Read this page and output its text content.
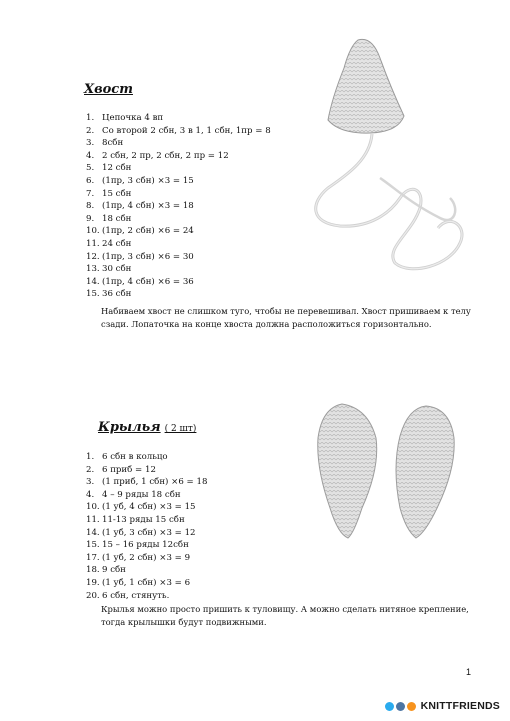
Хвост
1. Цепочка 4 вп
2. Со второй 2 сбн, 3 в 1, 1 сбн, 1пр = 8
3. 8сбн
4. 2 сбн, 2 пр, 2 сбн, 2 пр = 12
5. 12 сбн
6. (1пр, 3 сбн) ×3 = 15
7. 15 сбн
8. (1пр, 4 сбн) ×3 = 18
9. 18 сбн
10. (1пр, 2 сбн) ×6 = 24
11. 24 сбн
12. (1пр, 3 сбн) ×6 = 30
13. 30 сбн
14. (1пр, 4 сбн) ×6 = 36
15. 36 сбн

Набиваем хвост не слишком туго, чтобы не перевешивал. Хвост пришиваем к телу
сзади. Лопаточка на конце хвоста должна расположиться горизонтально.

Крылья ( 2 шт)
1. 6 сбн в кольцо
2. 6 приб = 12
3. (1 приб, 1 сбн) ×6 = 18
4. 4 – 9 ряды 18 сбн
10. (1 уб, 4 сбн) ×3 = 15
11. 11-13 ряды 15 сбн
14. (1 уб, 3 сбн) ×3 = 12
15. 15 – 16 ряды 12сбн
17. (1 уб, 2 сбн) ×3 = 9
18. 9 сбн
19. (1 уб, 1 сбн) ×3 = 6
20. 6 сбн, стянуть.

Крылья можно просто пришить к туловищу. А можно сделать нитяное крепление,
тогда крылышки будут подвижными.

1
KNITTFRIENDS
